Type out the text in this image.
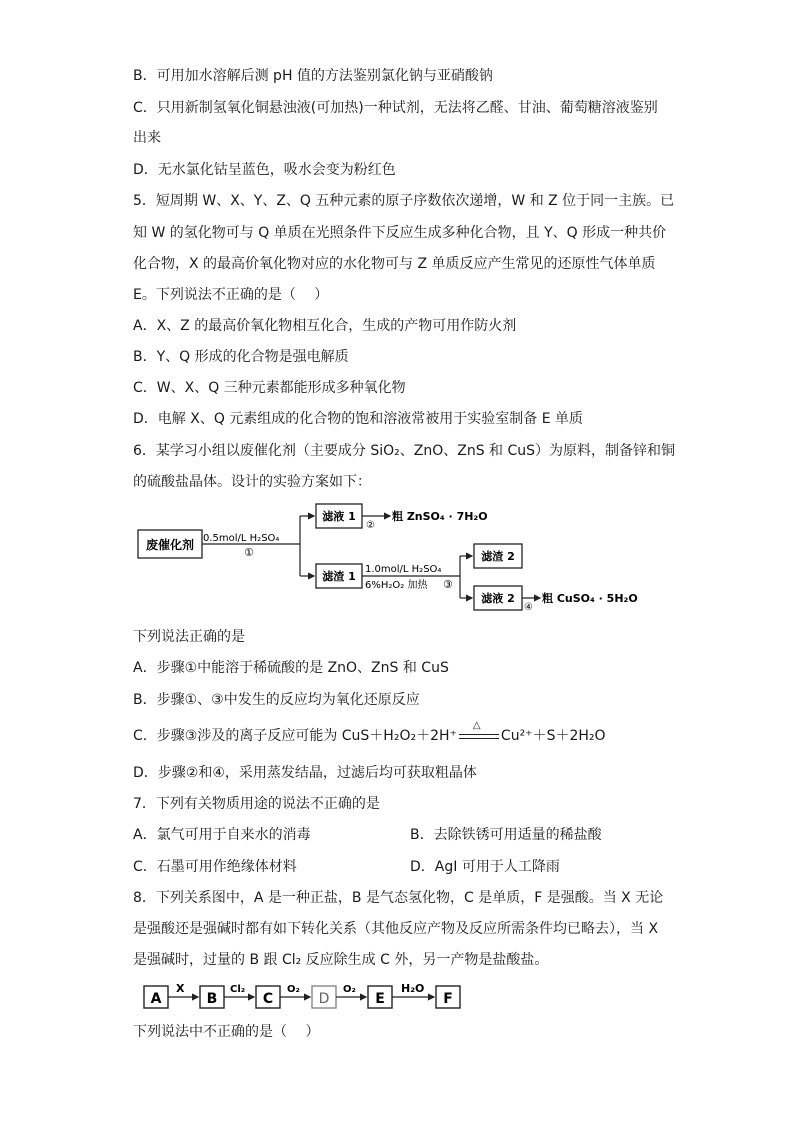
B．可用加水溶解后测 pH 值的方法鉴别氯化钠与亚硝酸钠
C．只用新制氢氧化铜悬浊液(可加热)一种试剂，无法将乙醛、甘油、葡萄糖溶液鉴别
出来
D．无水氯化钴呈蓝色，吸水会变为粉红色
5．短周期 W、X、Y、Z、Q 五种元素的原子序数依次递增，W 和 Z 位于同一主族。已
知 W 的氢化物可与 Q 单质在光照条件下反应生成多种化合物，且 Y、Q 形成一种共价
化合物，X 的最高价氧化物对应的水化物可与 Z 单质反应产生常见的还原性气体单质
E。下列说法不正确的是（　 ）
A．X、Z 的最高价氧化物相互化合，生成的产物可用作防火剂
B．Y、Q 形成的化合物是强电解质
C．W、X、Q 三种元素都能形成多种氧化物
D．电解 X、Q 元素组成的化合物的饱和溶液常被用于实验室制备 E 单质
6．某学习小组以废催化剂（主要成分 SiO₂、ZnO、ZnS 和 CuS）为原料，制备锌和铜
的硫酸盐晶体。设计的实验方案如下：
废催化剂 0.5mol/L H₂SO₄
①
滤液 1
②
粗 ZnSO₄ · 7H₂O
滤渣 1
1.0mol/L H₂SO₄
6%H₂O₂ 加热 ③
滤渣 2
滤液 2
④
粗 CuSO₄ · 5H₂O
下列说法正确的是
A．步骤①中能溶于稀硫酸的是 ZnO、ZnS 和 CuS
B．步骤①、③中发生的反应均为氧化还原反应
C．步骤③涉及的离子反应可能为 CuS＋H₂O₂＋2H⁺
△
Cu²⁺＋S＋2H₂O
D．步骤②和④，采用蒸发结晶，过滤后均可获取粗晶体
7．下列有关物质用途的说法不正确的是
A．氯气可用于自来水的消毒	B．去除铁锈可用适量的稀盐酸
C．石墨可用作绝缘体材料	D．AgI 可用于人工降雨
8．下列关系图中，A 是一种正盐，B 是气态氢化物，C 是单质，F 是强酸。当 X 无论
是强酸还是强碱时都有如下转化关系（其他反应产物及反应所需条件均已略去），当 X
是强碱时，过量的 B 跟 Cl₂ 反应除生成 C 外，另一产物是盐酸盐。
A
X
B
Cl₂
C
O₂
D
O₂
E
H₂O
F
下列说法中不正确的是（　 ）
